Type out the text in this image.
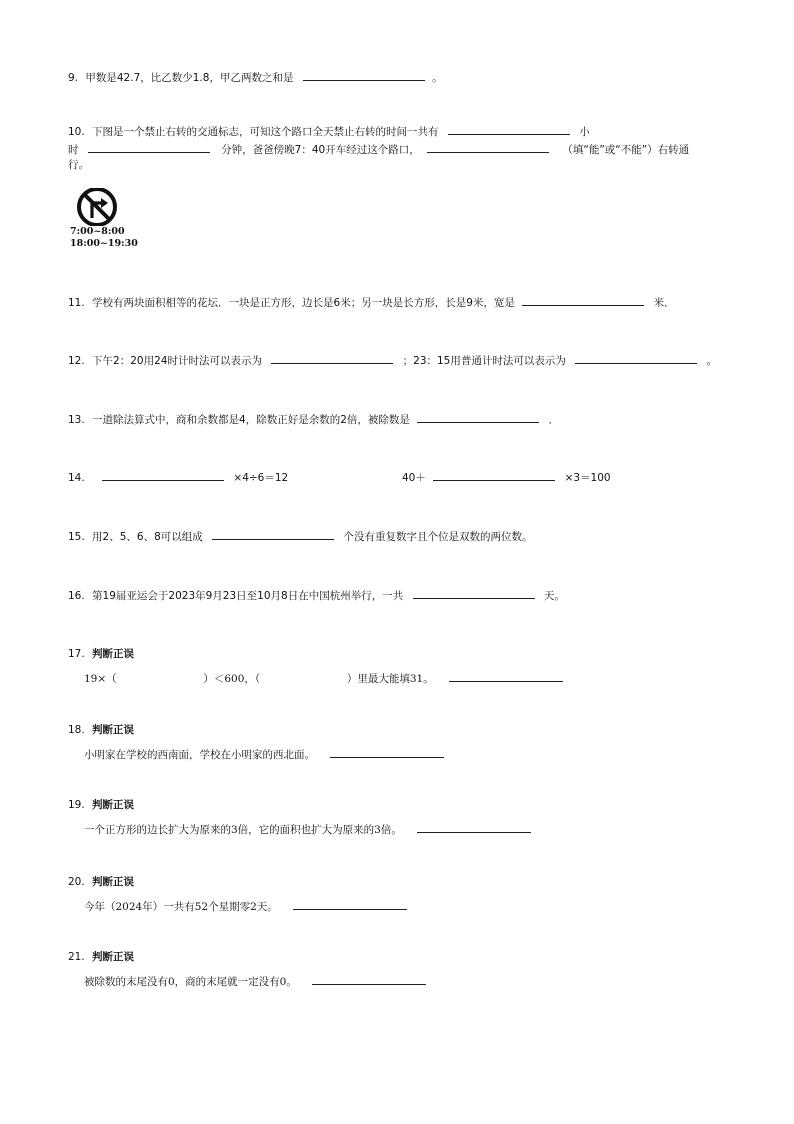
9. 甲数是42.7，比乙数少1.8，甲乙两数之和是	。
10. 下图是一个禁止右转的交通标志，可知这个路口全天禁止右转的时间一共有	小
时	分钟，爸爸傍晚7：40开车经过这个路口，	（填“能”或“不能”）右转通
行。
7:00~8:00
18:00~19:30
11. 学校有两块面积相等的花坛．一块是正方形，边长是6米；另一块是长方形，长是9米，宽是	米．
12. 下午2：20用24时计时法可以表示为	；23：15用普通计时法可以表示为	。
13. 一道除法算式中，商和余数都是4，除数正好是余数的2倍，被除数是	．
14.	×4÷6＝12	40＋	×3＝100
15. 用2、5、6、8可以组成	个没有重复数字且个位是双数的两位数。
16. 第19届亚运会于2023年9月23日至10月8日在中国杭州举行，一共	天。
17. 判断正误
19×（	）＜600，（	）里最大能填31。
18. 判断正误
小明家在学校的西南面，学校在小明家的西北面。
19. 判断正误
一个正方形的边长扩大为原来的3倍，它的面积也扩大为原来的3倍。
20. 判断正误
今年（2024年）一共有52个星期零2天。
21. 判断正误
被除数的末尾没有0，商的末尾就一定没有0。
